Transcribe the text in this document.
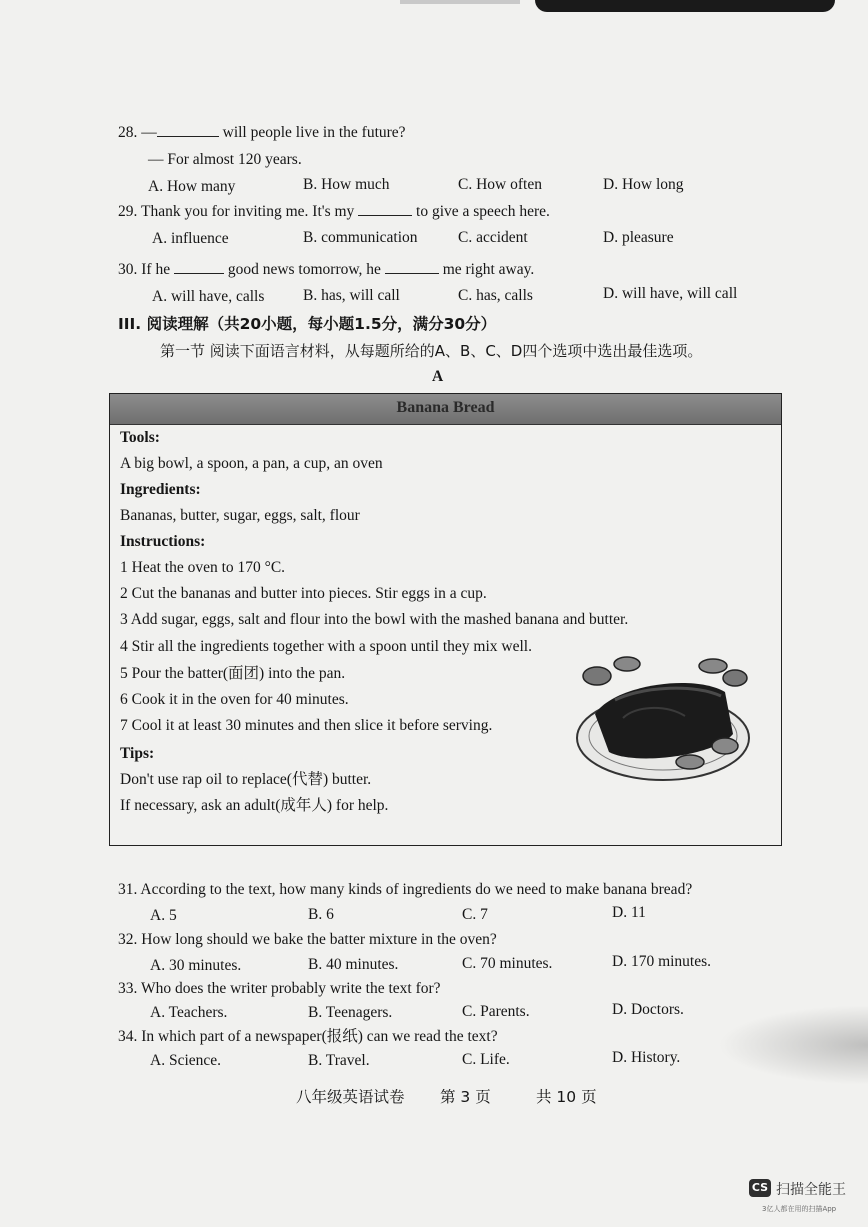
28. —	will people live in the future?
— For almost 120 years.
A. How many	B. How much	C. How often	D. How long
29. Thank you for inviting me. It's my	to give a speech here.
A. influence	B. communication	C. accident	D. pleasure
30. If he	good news tomorrow, he	me right away.
A. will have, calls B. has, will call	C. has, calls	D. will have, will call
III. 阅读理解（共20小题，每小题1.5分，满分30分）
第一节 阅读下面语言材料，从每题所给的A、B、C、D四个选项中选出最佳选项。
A
Banana Bread
Tools:
A big bowl, a spoon, a pan, a cup, an oven
Ingredients:
Bananas, butter, sugar, eggs, salt, flour
Instructions:
1 Heat the oven to 170 °C.
2 Cut the bananas and butter into pieces. Stir eggs in a cup.
3 Add sugar, eggs, salt and flour into the bowl with the mashed banana and butter.
4 Stir all the ingredients together with a spoon until they mix well.
5 Pour the batter(面团) into the pan.
6 Cook it in the oven for 40 minutes.
7 Cool it at least 30 minutes and then slice it before serving.
Tips:
Don't use rap oil to replace(代替) butter.
If necessary, ask an adult(成年人) for help.
31. According to the text, how many kinds of ingredients do we need to make banana bread?
A. 5	B. 6	C. 7	D. 11
32. How long should we bake the batter mixture in the oven?
A. 30 minutes.	B. 40 minutes.	C. 70 minutes.	D. 170 minutes.
33. Who does the writer probably write the text for?
A. Teachers.	B. Teenagers.	C. Parents.	D. Doctors.
34. In which part of a newspaper(报纸) can we read the text?
A. Science.	B. Travel.	C. Life.	D. History.
八年级英语试卷 第 3 页	共 10 页
CS 扫描全能王
3亿人都在用的扫描App
